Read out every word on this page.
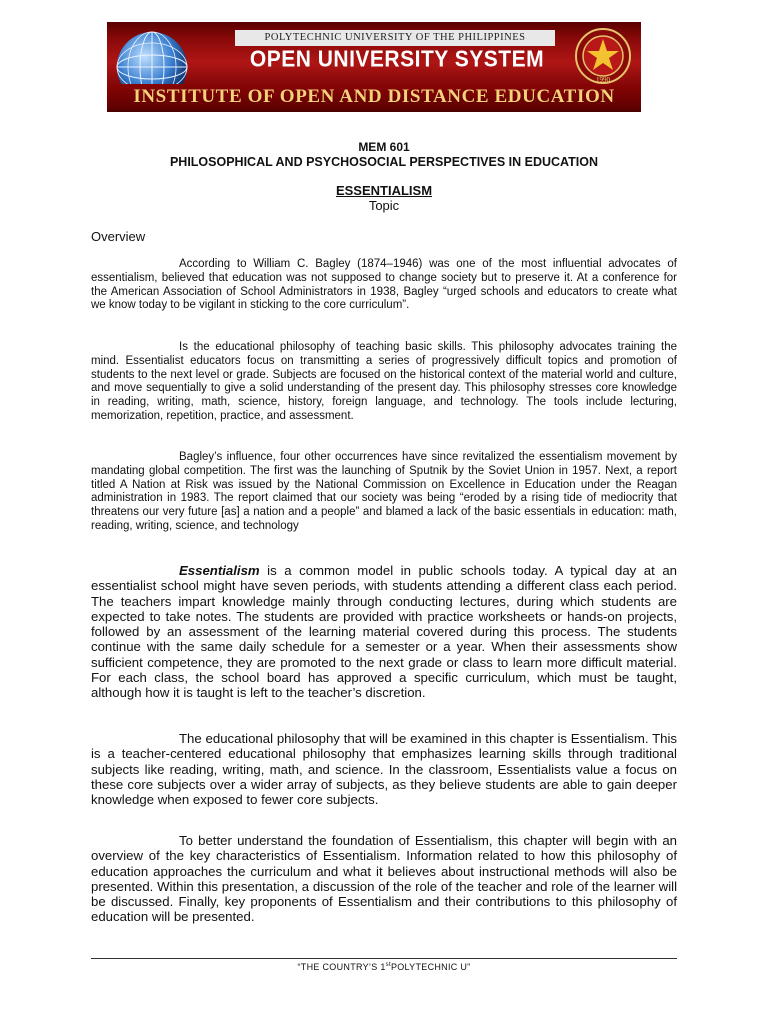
POLYTECHNIC UNIVERSITY OF THE PHILIPPINES
OPEN UNIVERSITY SYSTEM
1990
INSTITUTE OF OPEN AND DISTANCE EDUCATION
MEM 601
PHILOSOPHICAL AND PSYCHOSOCIAL PERSPECTIVES IN EDUCATION
ESSENTIALISM
Topic
Overview

According to William C. Bagley (1874–1946) was one of the most influential advocates of essentialism, believed that education was not supposed to change society but to preserve it. At a conference for the American Association of School Administrators in 1938, Bagley “urged schools and educators to create what we know today to be vigilant in sticking to the core curriculum”.

Is the educational philosophy of teaching basic skills. This philosophy advocates training the mind. Essentialist educators focus on transmitting a series of progressively difficult topics and promotion of students to the next level or grade. Subjects are focused on the historical context of the material world and culture, and move sequentially to give a solid understanding of the present day. This philosophy stresses core knowledge in reading, writing, math, science, history, foreign language, and technology. The tools include lecturing, memorization, repetition, practice, and assessment.

Bagley’s influence, four other occurrences have since revitalized the essentialism movement by mandating global competition. The first was the launching of Sputnik by the Soviet Union in 1957. Next, a report titled A Nation at Risk was issued by the National Commission on Excellence in Education under the Reagan administration in 1983. The report claimed that our society was being “eroded by a rising tide of mediocrity that threatens our very future [as] a nation and a people” and blamed a lack of the basic essentials in education: math, reading, writing, science, and technology

Essentialism is a common model in public schools today. A typical day at an essentialist school might have seven periods, with students attending a different class each period. The teachers impart knowledge mainly through conducting lectures, during which students are expected to take notes. The students are provided with practice worksheets or hands-on projects, followed by an assessment of the learning material covered during this process. The students continue with the same daily schedule for a semester or a year. When their assessments show sufficient competence, they are promoted to the next grade or class to learn more difficult material. For each class, the school board has approved a specific curriculum, which must be taught, although how it is taught is left to the teacher’s discretion.

The educational philosophy that will be examined in this chapter is Essentialism. This is a teacher-centered educational philosophy that emphasizes learning skills through traditional subjects like reading, writing, math, and science. In the classroom, Essentialists value a focus on these core subjects over a wider array of subjects, as they believe students are able to gain deeper knowledge when exposed to fewer core subjects.

To better understand the foundation of Essentialism, this chapter will begin with an overview of the key characteristics of Essentialism. Information related to how this philosophy of education approaches the curriculum and what it believes about instructional methods will also be presented. Within this presentation, a discussion of the role of the teacher and role of the learner will be discussed. Finally, key proponents of Essentialism and their contributions to this philosophy of education will be presented.

“THE COUNTRY’S 1stPOLYTECHNIC U”
